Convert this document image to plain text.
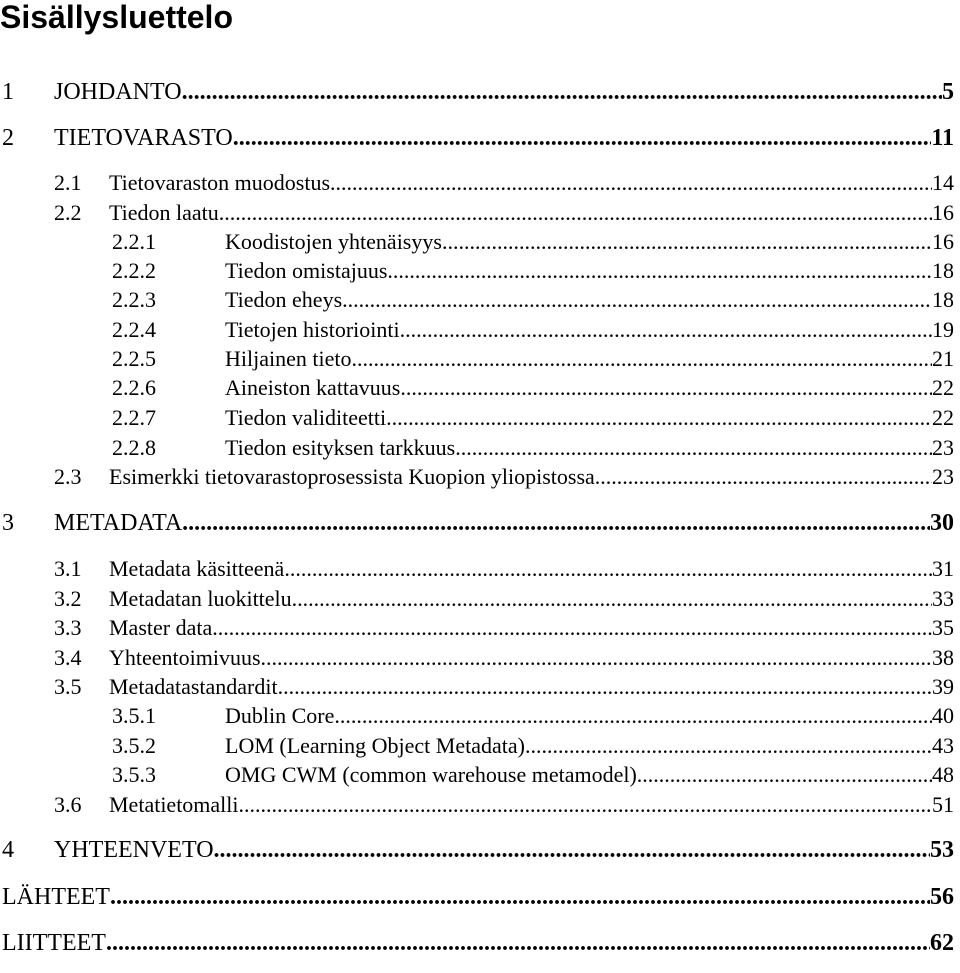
Sisällysluettelo
1	JOHDANTO .....	5
2	TIETOVARASTO .....	11
2.1	Tietovaraston muodostus .....	14
2.2	Tiedon laatu .....	16
2.2.1	Koodistojen yhtenäisyys .....	16
2.2.2	Tiedon omistajuus .....	18
2.2.3	Tiedon eheys .....	18
2.2.4	Tietojen historiointi .....	19
2.2.5	Hiljainen tieto .....	21
2.2.6	Aineiston kattavuus .....	22
2.2.7	Tiedon validiteetti .....	22
2.2.8	Tiedon esityksen tarkkuus .....	23
2.3	Esimerkki tietovarastoprosessista Kuopion yliopistossa .....	23
3	METADATA .....	30
3.1	Metadata käsitteenä .....	31
3.2	Metadatan luokittelu .....	33
3.3	Master data .....	35
3.4	Yhteentoimivuus .....	38
3.5	Metadatastandardit .....	39
3.5.1	Dublin Core .....	40
3.5.2	LOM (Learning Object Metadata) .....	43
3.5.3	OMG CWM (common warehouse metamodel) .....	48
3.6	Metatietomalli .....	51
4	YHTEENVETO .....	53
LÄHTEET .....	56
LIITTEET .....	62
